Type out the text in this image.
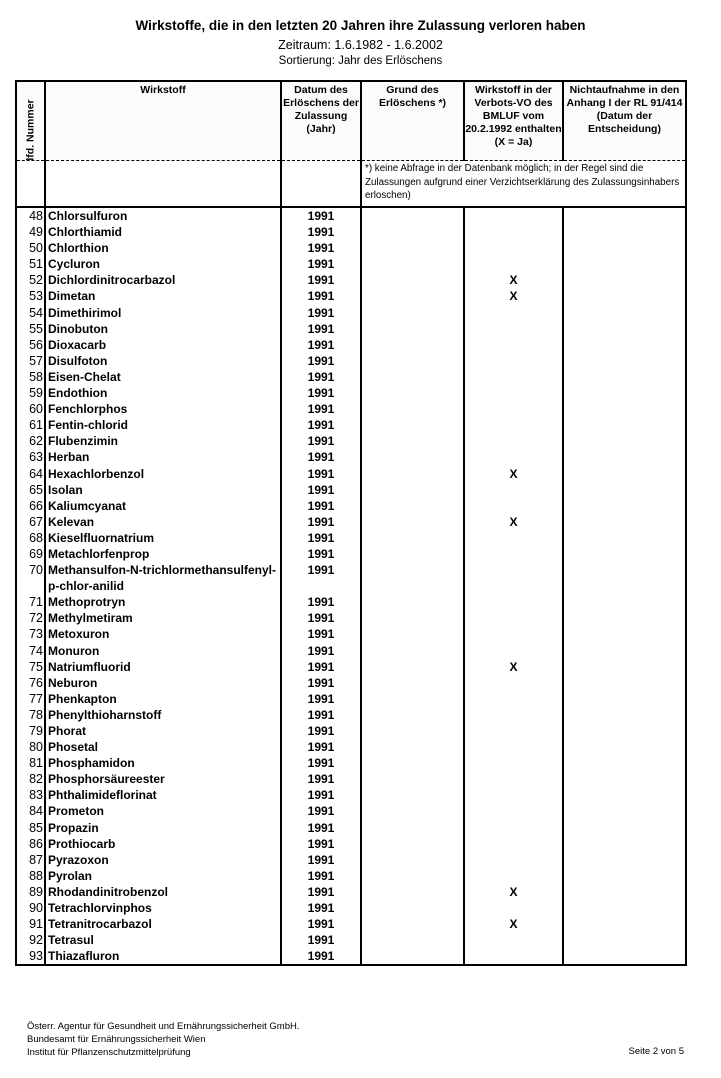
Wirkstoffe, die in den letzten 20 Jahren ihre Zulassung verloren haben
Zeitraum: 1.6.1982 - 1.6.2002
Sortierung: Jahr des Erlöschens
lfd. Nummer	Wirkstoff	Datum des Erlöschens der Zulassung (Jahr)	Grund des Erlöschens *)	Wirkstoff in der Verbots-VO des BMLUF vom 20.2.1992 enthalten (X = Ja)	Nichtaufnahme in den Anhang I der RL 91/414 (Datum der Entscheidung)
			*) keine Abfrage in der Datenbank möglich; in der Regel sind die Zulassungen aufgrund einer Verzichtserklärung des Zulassungsinhabers erloschen)		
48	Chlorsulfuron	1991			
49	Chlorthiamid	1991			
50	Chlorthion	1991			
51	Cycluron	1991			
52	Dichlordinitrocarbazol	1991		X	
53	Dimetan	1991		X	
54	Dimethirimol	1991			
55	Dinobuton	1991			
56	Dioxacarb	1991			
57	Disulfoton	1991			
58	Eisen-Chelat	1991			
59	Endothion	1991			
60	Fenchlorphos	1991			
61	Fentin-chlorid	1991			
62	Flubenzimin	1991			
63	Herban	1991			
64	Hexachlorbenzol	1991		X	
65	Isolan	1991			
66	Kaliumcyanat	1991			
67	Kelevan	1991		X	
68	Kieselfluornatrium	1991			
69	Metachlorfenprop	1991			
70	Methansulfon-N-trichlormethansulfenyl-p-chlor-anilid	1991			
71	Methoprotryn	1991			
72	Methylmetiram	1991			
73	Metoxuron	1991			
74	Monuron	1991			
75	Natriumfluorid	1991		X	
76	Neburon	1991			
77	Phenkapton	1991			
78	Phenylthioharnstoff	1991			
79	Phorat	1991			
80	Phosetal	1991			
81	Phosphamidon	1991			
82	Phosphorsäureester	1991			
83	Phthalimideflorinat	1991			
84	Prometon	1991			
85	Propazin	1991			
86	Prothiocarb	1991			
87	Pyrazoxon	1991			
88	Pyrolan	1991			
89	Rhodandinitrobenzol	1991		X	
90	Tetrachlorvinphos	1991			
91	Tetranitrocarbazol	1991		X	
92	Tetrasul	1991			
93	Thiazafluron	1991			
Österr. Agentur für Gesundheit und Ernährungssicherheit GmbH.
Bundesamt für Ernährungssicherheit Wien
Institut für Pflanzenschutzmittelprüfung	Seite 2 von 5
